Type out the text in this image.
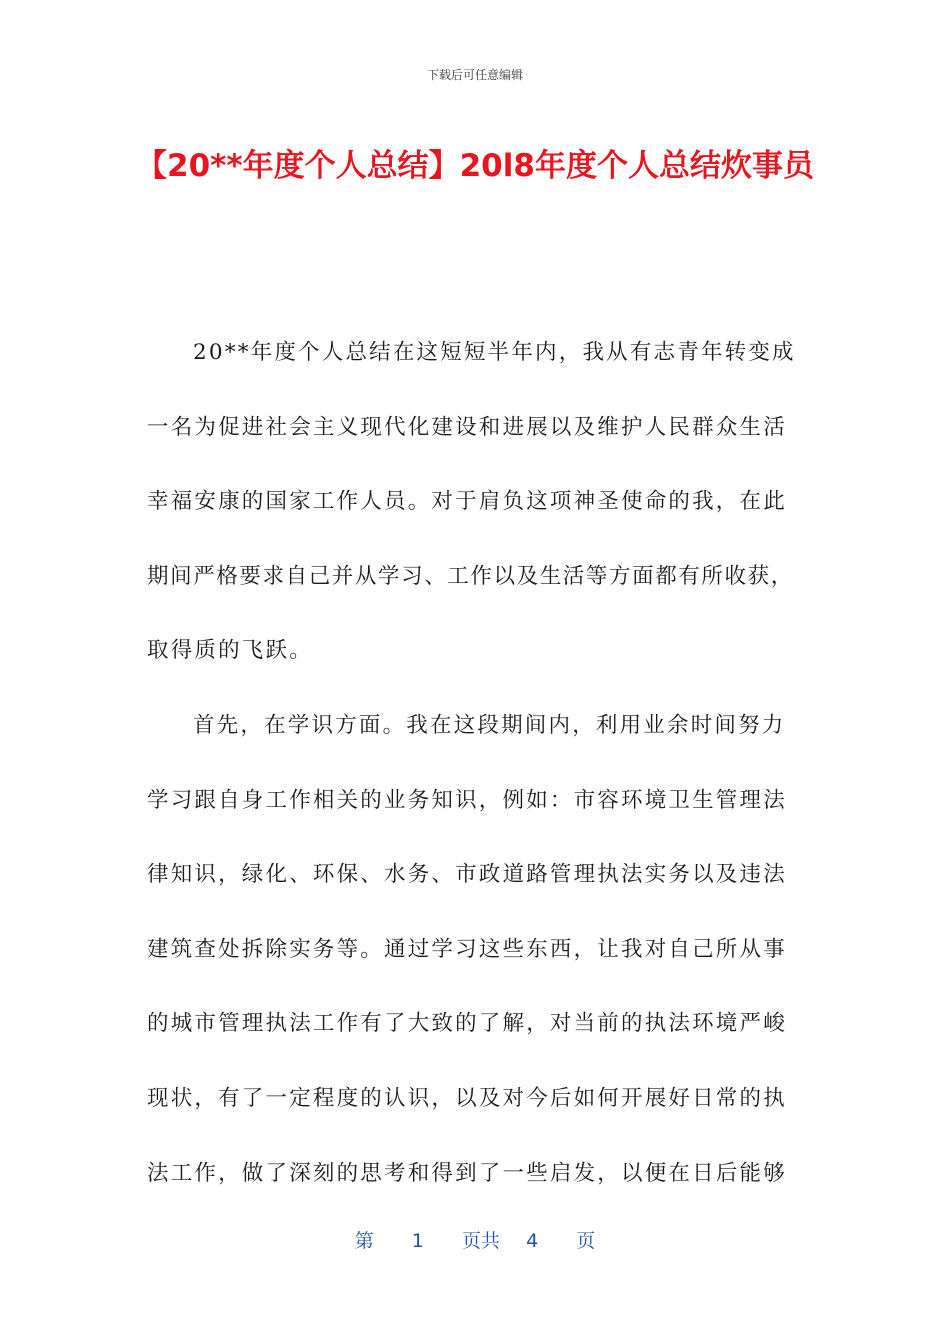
下载后可任意编辑
【20**年度个人总结】20l8年度个人总结炊事员
20**年度个人总结在这短短半年内，我从有志青年转变成
一名为促进社会主义现代化建设和进展以及维护人民群众生活
幸福安康的国家工作人员。对于肩负这项神圣使命的我，在此
期间严格要求自己并从学习、工作以及生活等方面都有所收获，
取得质的飞跃。
首先，在学识方面。我在这段期间内，利用业余时间努力
学习跟自身工作相关的业务知识，例如：市容环境卫生管理法
律知识，绿化、环保、水务、市政道路管理执法实务以及违法
建筑查处拆除实务等。通过学习这些东西，让我对自己所从事
的城市管理执法工作有了大致的了解，对当前的执法环境严峻
现状，有了一定程度的认识，以及对今后如何开展好日常的执
法工作，做了深刻的思考和得到了一些启发，以便在日后能够
第 1 页共 4 页
